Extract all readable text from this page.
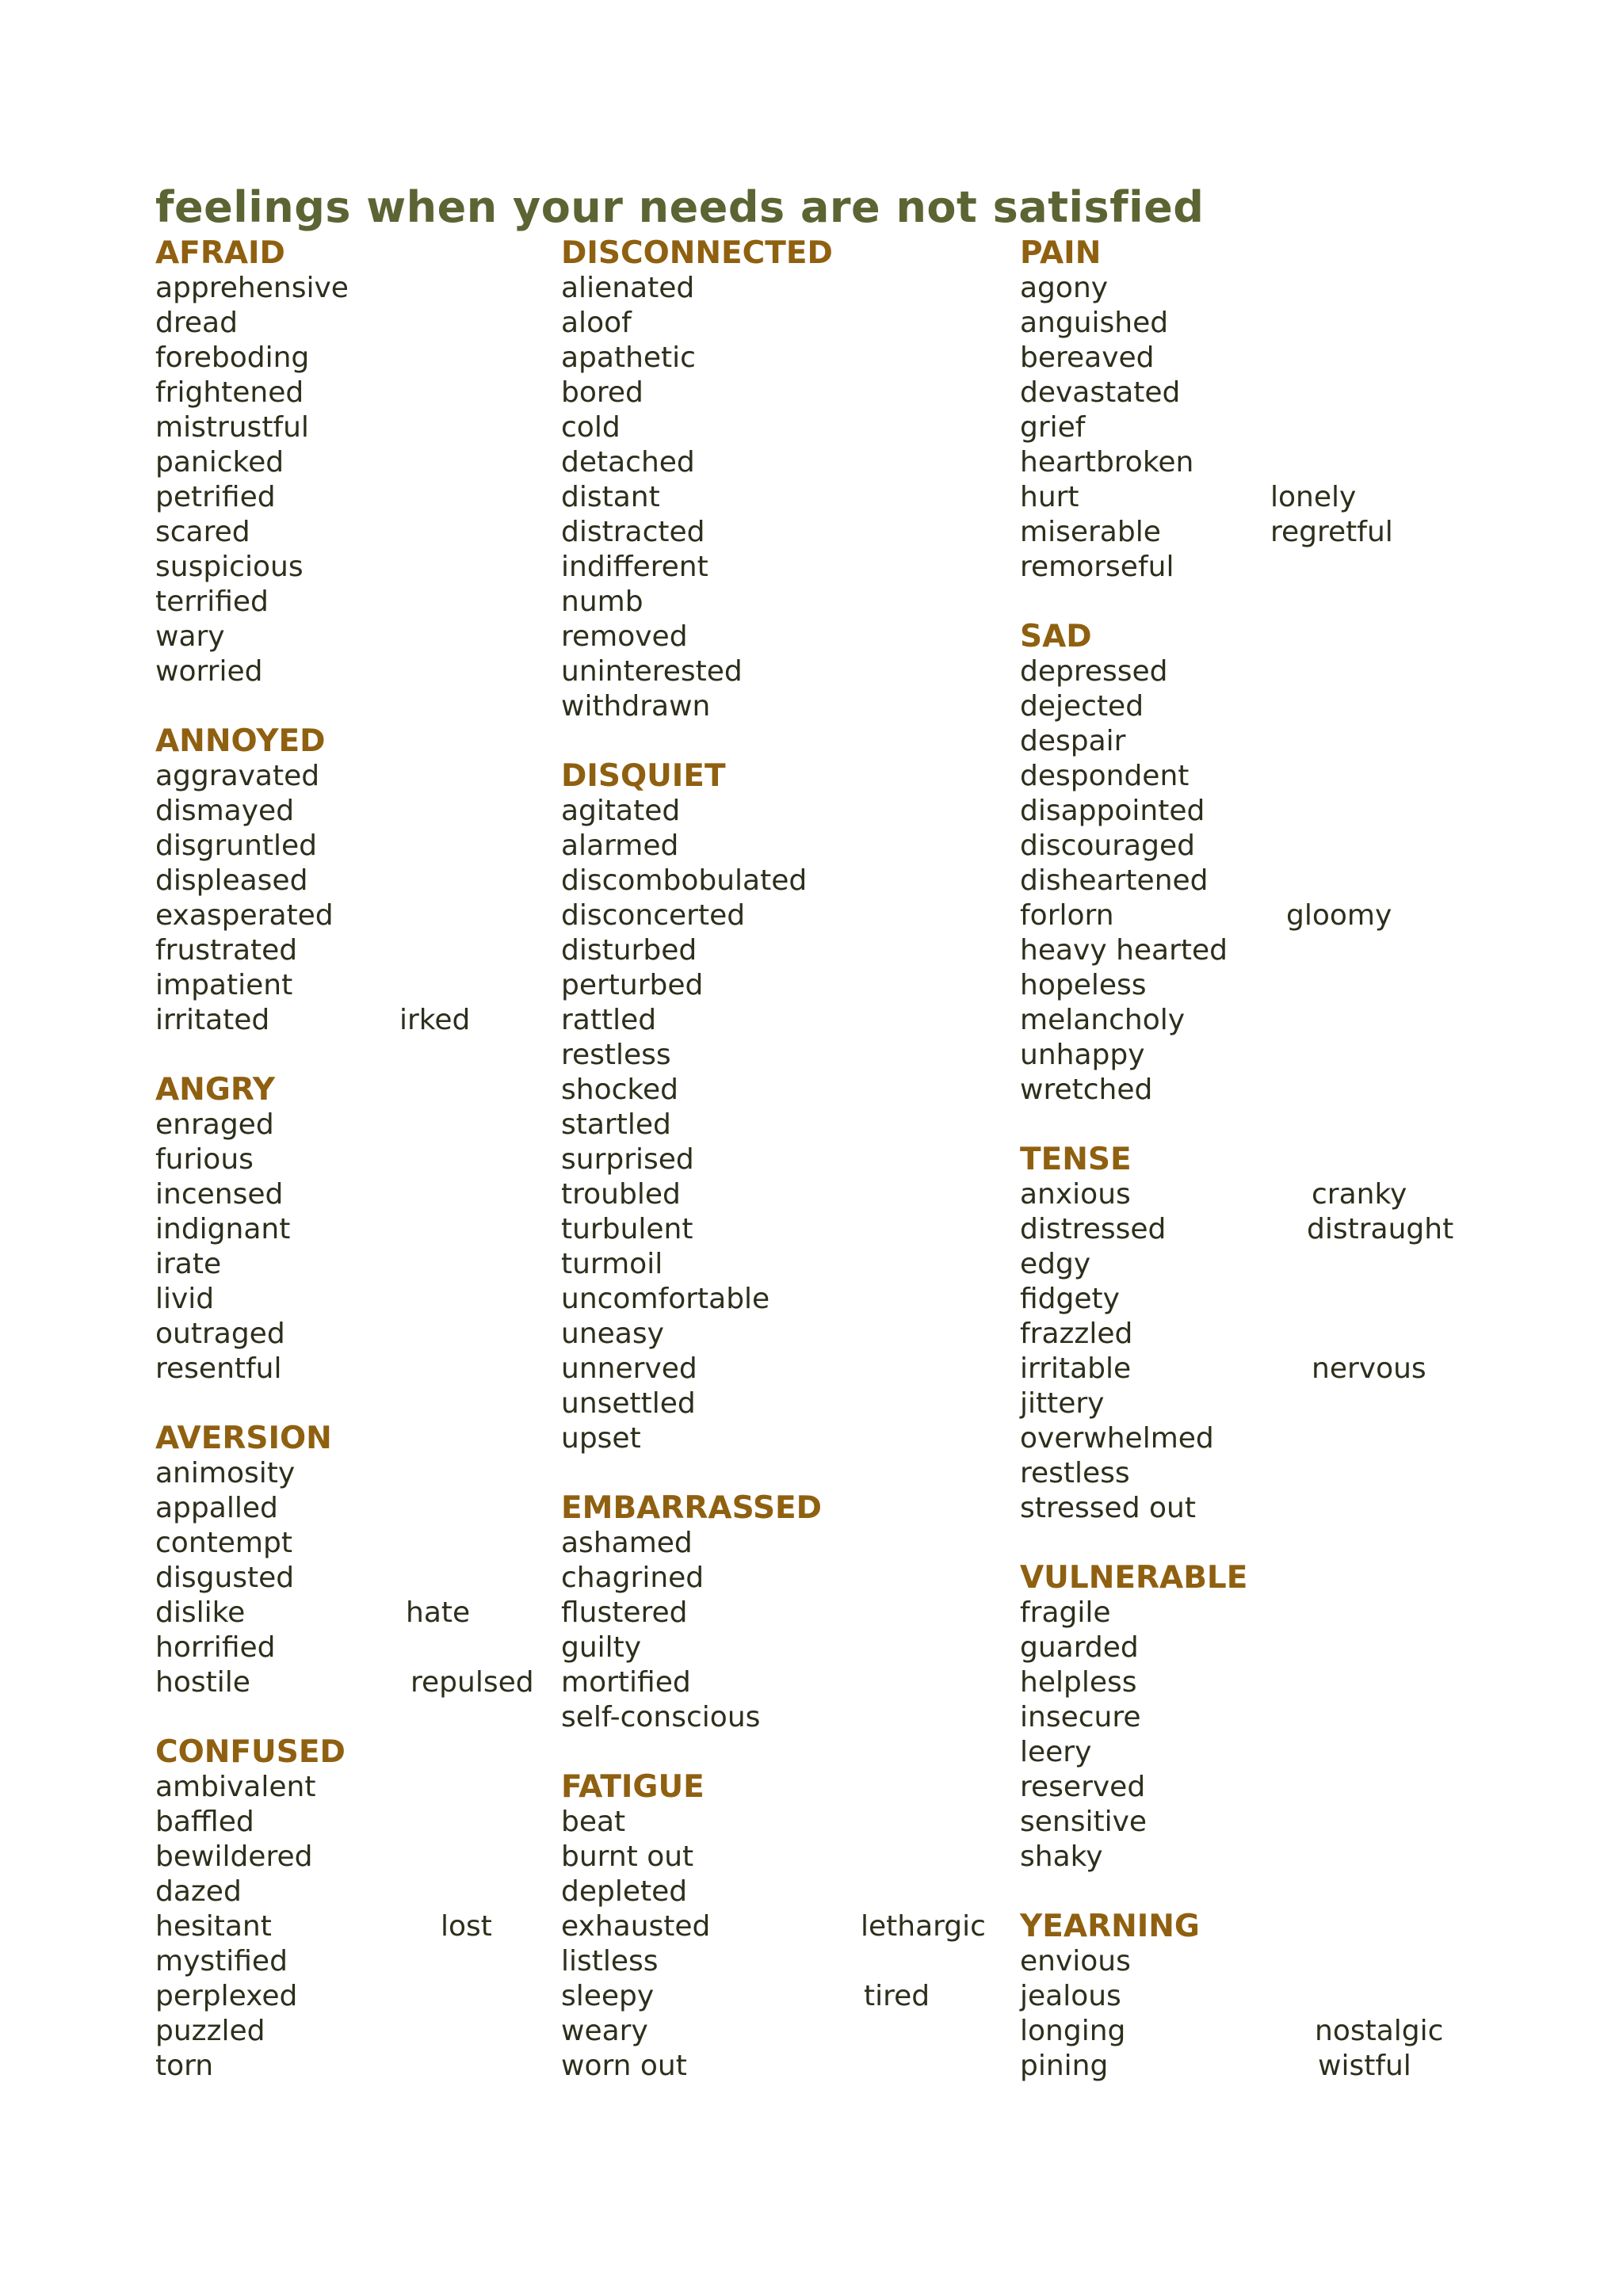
feelings when your needs are not satisfied
AFRAID
apprehensive
dread
foreboding
frightened
mistrustful
panicked
petrified
scared
suspicious
terrified
wary
worried
ANNOYED
aggravated
dismayed
disgruntled
displeased
exasperated
frustrated
impatient
irritated	irked
ANGRY
enraged
furious
incensed
indignant
irate
livid
outraged
resentful
AVERSION
animosity
appalled
contempt
disgusted
dislike	hate
horrified
hostile	repulsed
CONFUSED
ambivalent
baffled
bewildered
dazed
hesitant	lost
mystified
perplexed
puzzled
torn
DISCONNECTED
alienated
aloof
apathetic
bored
cold
detached
distant
distracted
indifferent
numb
removed
uninterested
withdrawn
DISQUIET
agitated
alarmed
discombobulated
disconcerted
disturbed
perturbed
rattled
restless
shocked
startled
surprised
troubled
turbulent
turmoil
uncomfortable
uneasy
unnerved
unsettled
upset
EMBARRASSED
ashamed
chagrined
flustered
guilty
mortified
self-conscious
FATIGUE
beat
burnt out
depleted
exhausted	lethargic
listless
sleepy	tired
weary
worn out
PAIN
agony
anguished
bereaved
devastated
grief
heartbroken
hurt	lonely
miserable	regretful
remorseful
SAD
depressed
dejected
despair
despondent
disappointed
discouraged
disheartened
forlorn	gloomy
heavy hearted
hopeless
melancholy
unhappy
wretched
TENSE
anxious	cranky
distressed	distraught
edgy
fidgety
frazzled
irritable	nervous
jittery
overwhelmed
restless
stressed out
VULNERABLE
fragile
guarded
helpless
insecure
leery
reserved
sensitive
shaky
YEARNING
envious
jealous
longing	nostalgic
pining	wistful
